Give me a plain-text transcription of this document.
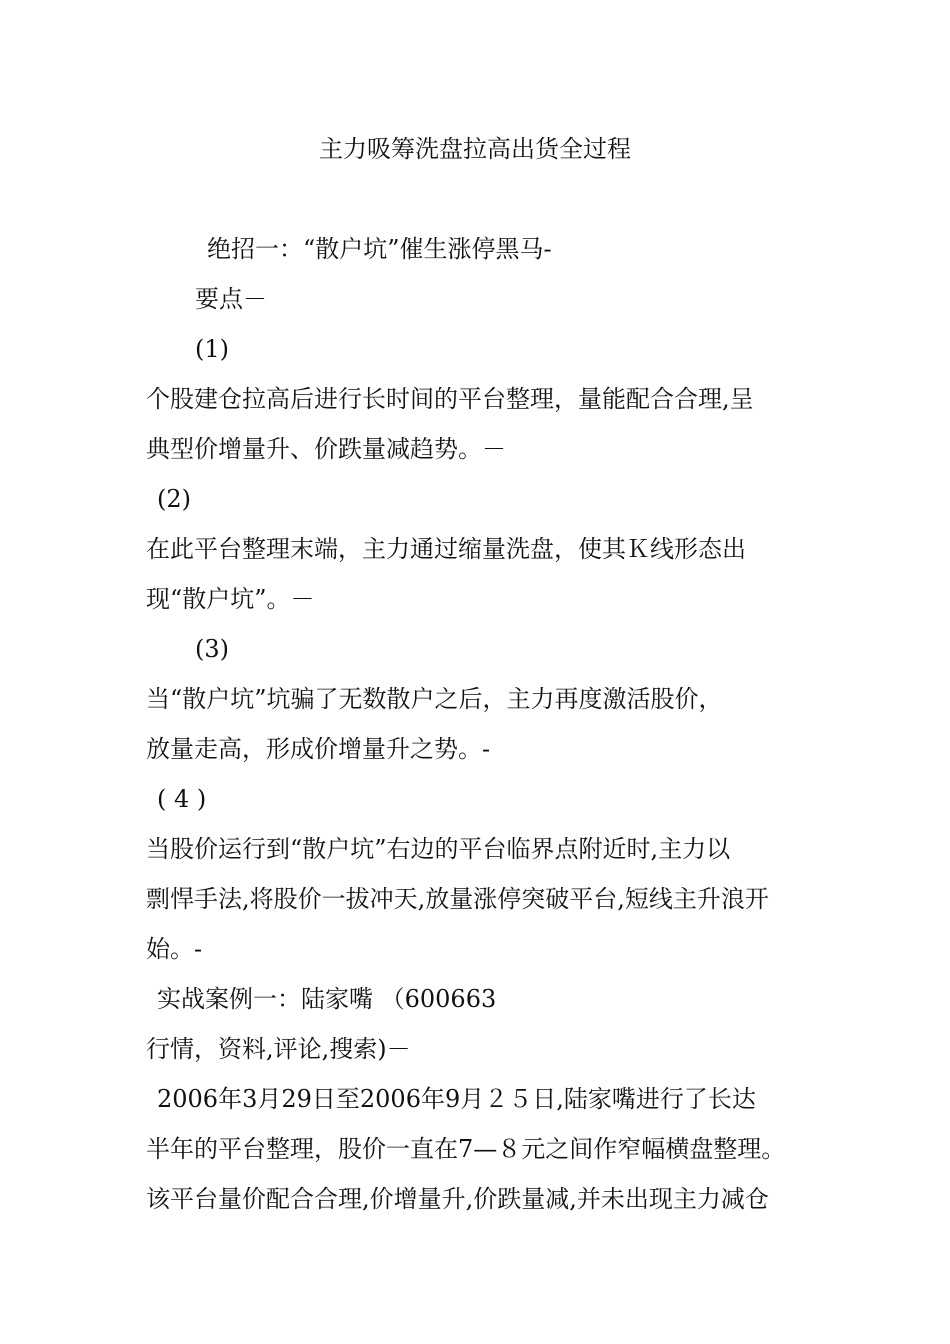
主力吸筹洗盘拉高出货全过程
绝招一：“散户坑”催生涨停黑马-
要点－
(1)
个股建仓拉高后进行长时间的平台整理，量能配合合理,呈
典型价增量升、价跌量减趋势。－
(2)
在此平台整理末端，主力通过缩量洗盘，使其Ｋ线形态出
现“散户坑”。－
(3)
当“散户坑”坑骗了无数散户之后，主力再度激活股价，
放量走高，形成价增量升之势。-
( 4 )
当股价运行到“散户坑”右边的平台临界点附近时,主力以
剽悍手法,将股价一拔冲天,放量涨停突破平台,短线主升浪开
始。-
实战案例一：陆家嘴 （600663
行情，资料,评论,搜索)－
2006年3月29日至2006年9月２５日,陆家嘴进行了长达
半年的平台整理，股价一直在7—８元之间作窄幅横盘整理。
该平台量价配合合理,价增量升,价跌量减,并未出现主力减仓
